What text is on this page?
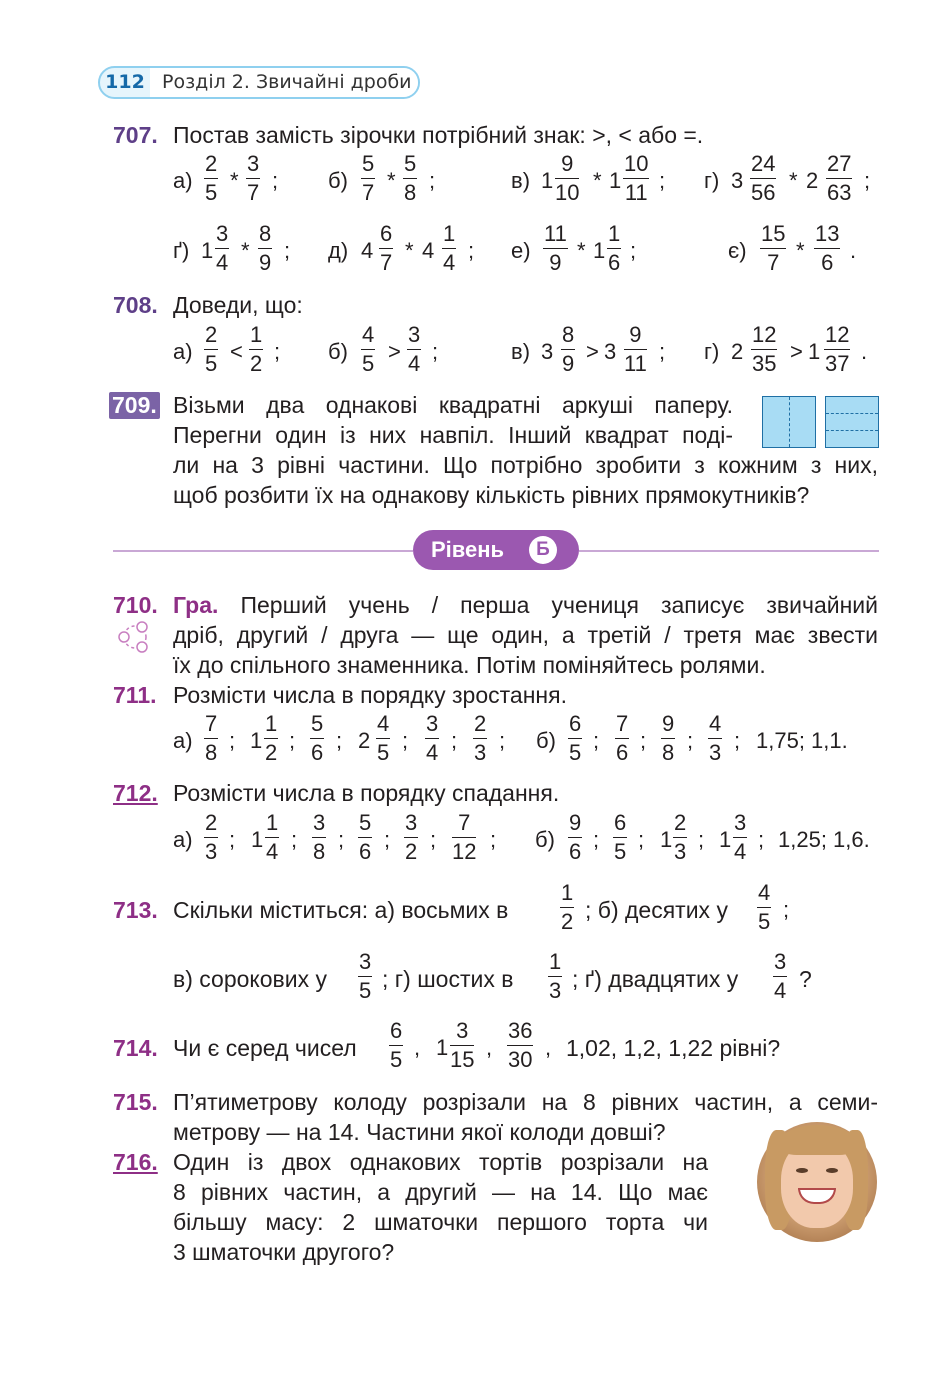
112 Розділ 2. Звичайні дроби
707. Постав замість зірочки потрібний знак: >, < або =.
а)
2
5 *
3
7 ; б)
5
7 *
5
8 ;	в) 1
9
10 * 1
10
11 ; г) 3
24
56 * 2
27
63 ;
ґ) 1
3
4 *
8
9 ; д) 4
6
7 * 4
1
4 ; е)
11
9 * 1
1
6 ;	є)
15
7 *
13
6 .
708. Доведи, що:
а)
2
5 <
1
2 ; б)
4
5 >
3
4 ;	в) 3
8
9 > 3
9
11 ; г) 2
12
35 > 1
12
37 .
709. Візьми два однакові квадратні аркуші паперу.
Перегни один із них навпіл. Інший квадрат поді-
ли на 3 рівні частини. Що потрібно зробити з кожним з них,
щоб розбити їх на однакову кількість рівних прямокутників?
Рівень	Б
710. Гра. Перший учень / перша учениця записує звичайний
дріб, другий / друга — ще один, а третій / третя має звести
їх до спільного знаменника. Потім поміняйтесь ролями.
711. Розмісти числа в порядку зростання.
а)
7
8 ; 1
1
2 ;
5
6 ; 2
4
5 ;
3
4 ;
2
3 ; б)
6
5 ;
7
6 ;
9
8 ;
4
3 ; 1,75; 1,1.
712. Розмісти числа в порядку спадання.
а)
2
3 ; 1
1
4 ;
3
8 ;
5
6 ;
3
2 ;
7
12 ; б)
9
6 ;
6
5 ; 1
2
3 ; 1
3
4 ; 1,25; 1,6.
713. Скільки міститься: а) восьмих в
1
2 ; б) десятих у
4
5 ;
в) сорокових у
3
5 ; г) шостих в
1
3 ; ґ) двадцятих у
3
4 ?
714. Чи є серед чисел
6
5 , 1
3
15 ,
36
30 , 1,02, 1,2, 1,22 рівні?
715. П’ятиметрову колоду розрізали на 8 рівних частин, а семи-
метрову — на 14. Частини якої колоди довші?
716. Один із двох однакових тортів розрізали на
8 рівних частин, а другий — на 14. Що має
більшу масу: 2 шматочки першого торта чи
3 шматочки другого?
